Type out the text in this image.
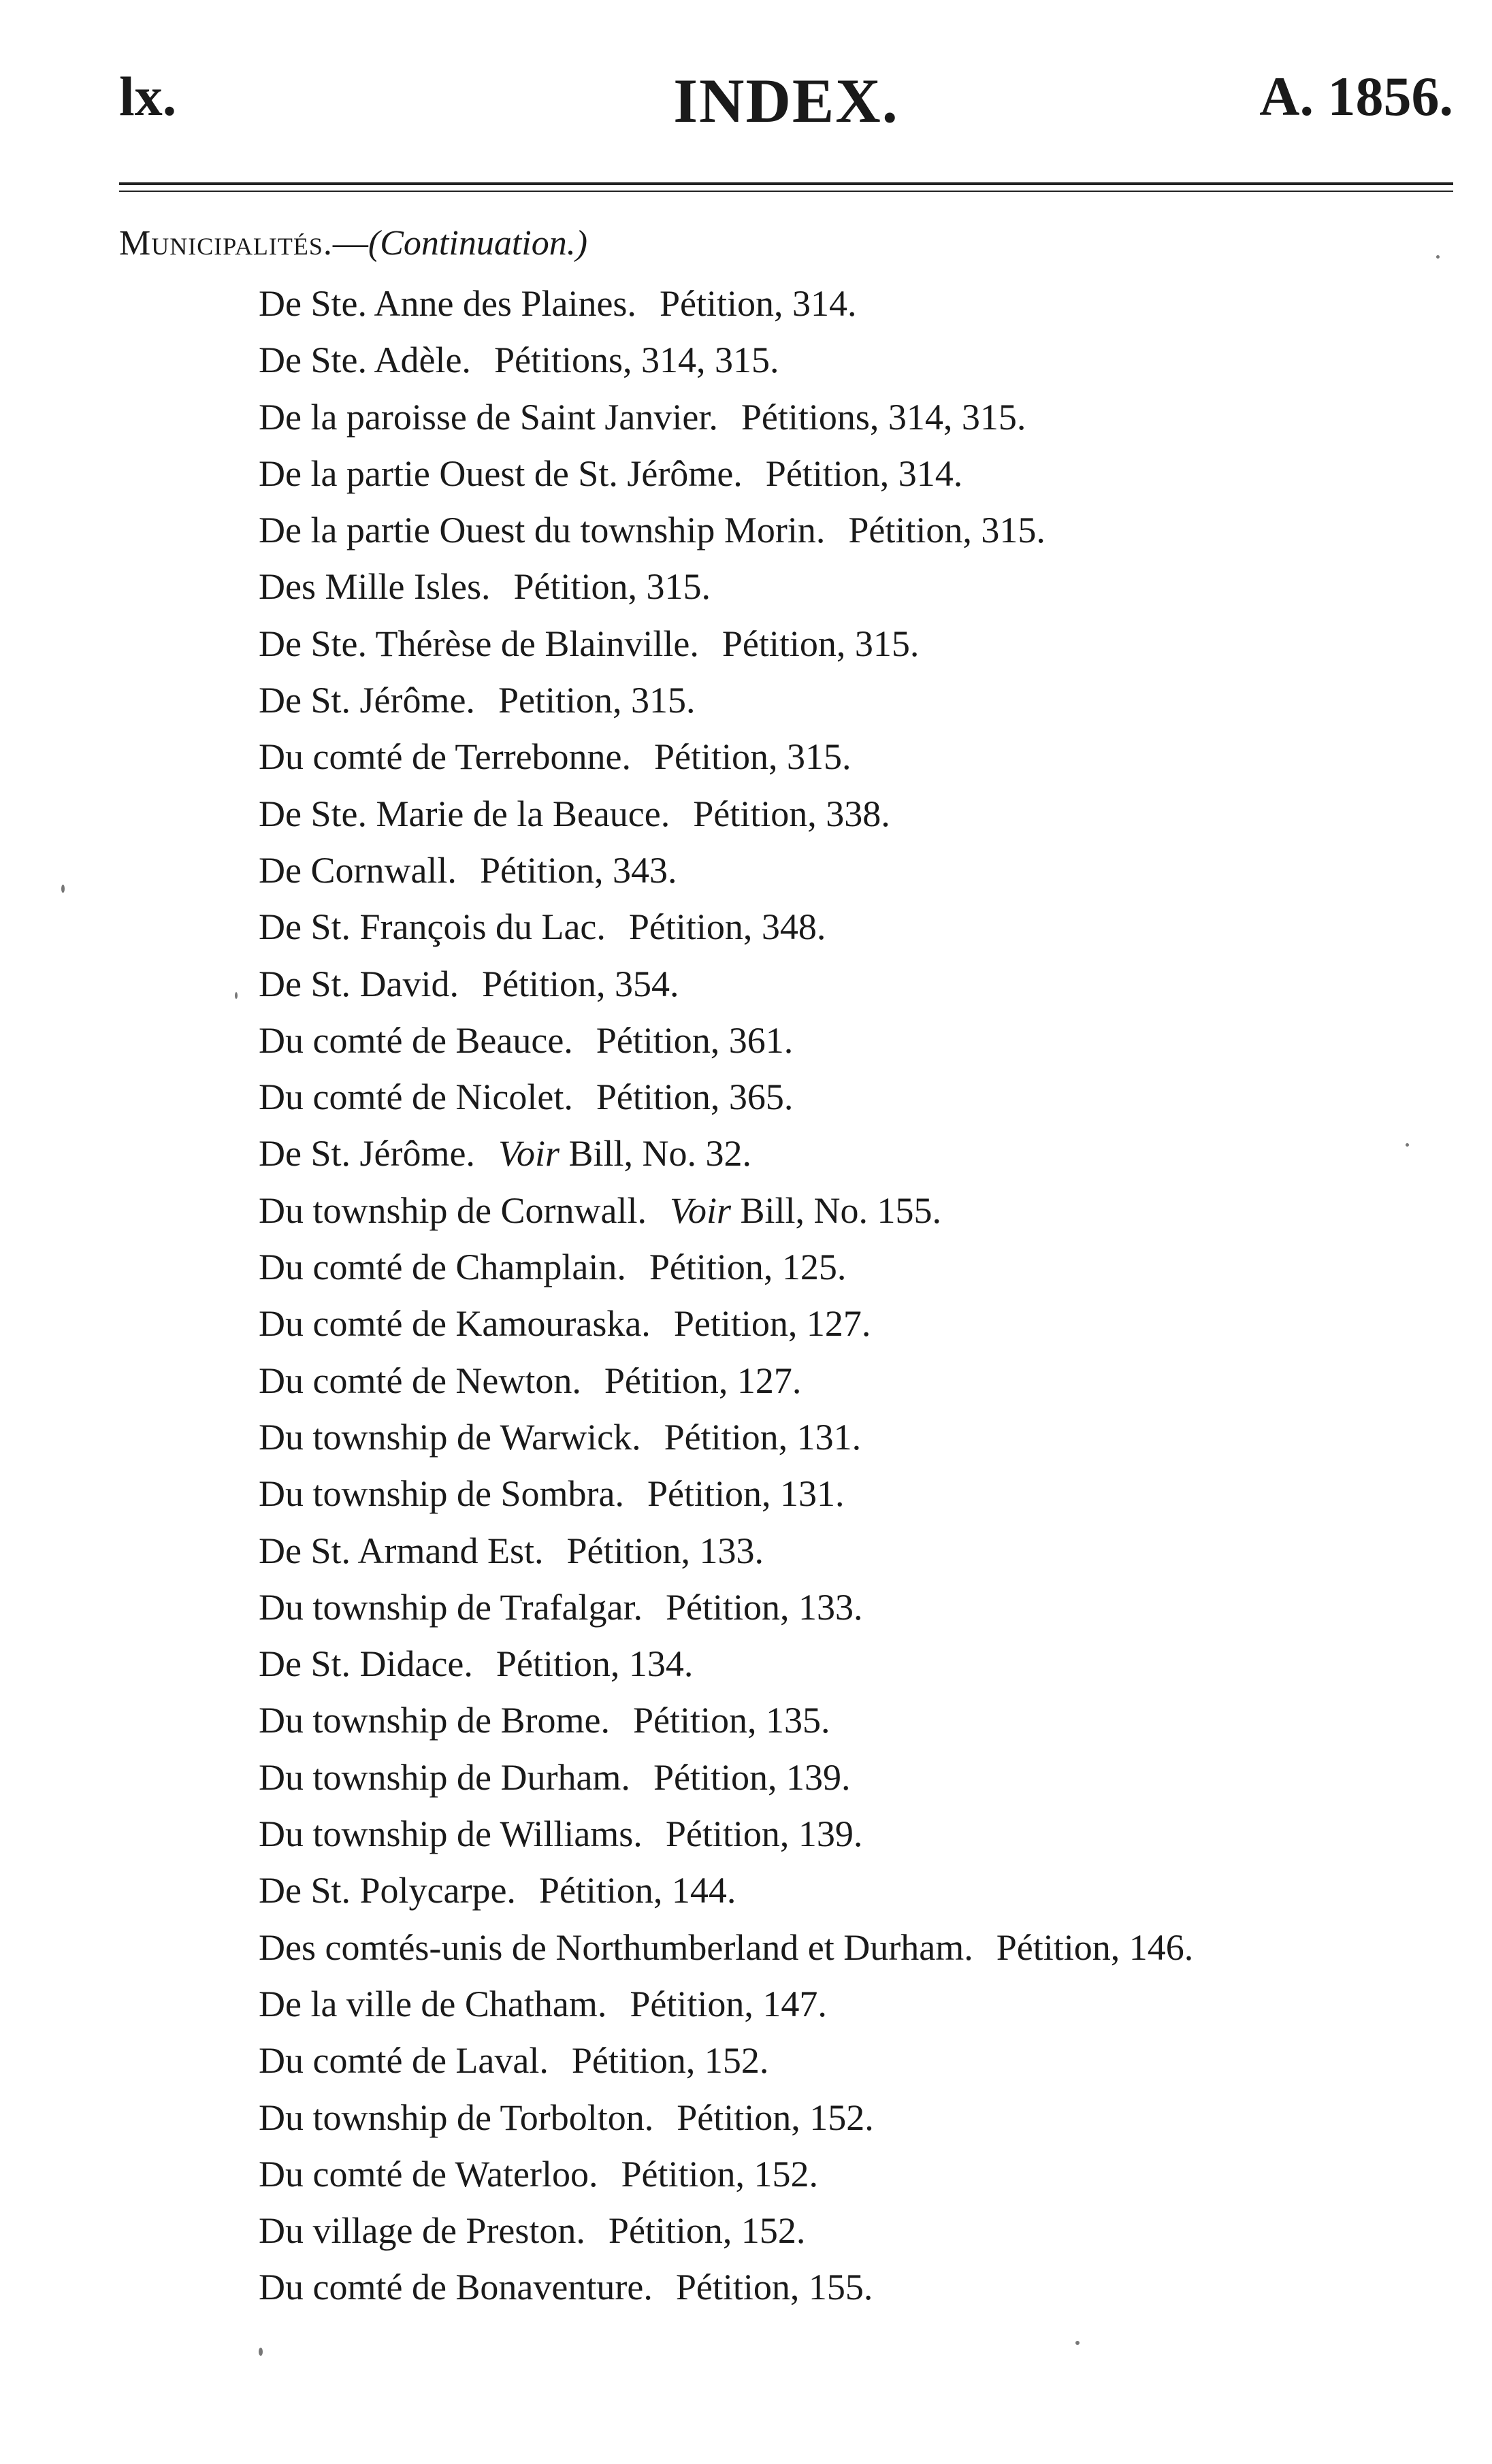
lx.	INDEX.	A. 1856.
Municipalités.—(Continuation.)
De Ste. Anne des Plaines. Pétition, 314.
De Ste. Adèle. Pétitions, 314, 315.
De la paroisse de Saint Janvier. Pétitions, 314, 315.
De la partie Ouest de St. Jérôme. Pétition, 314.
De la partie Ouest du township Morin. Pétition, 315.
Des Mille Isles. Pétition, 315.
De Ste. Thérèse de Blainville. Pétition, 315.
De St. Jérôme. Petition, 315.
Du comté de Terrebonne. Pétition, 315.
De Ste. Marie de la Beauce. Pétition, 338.
De Cornwall. Pétition, 343.
De St. François du Lac. Pétition, 348.
De St. David. Pétition, 354.
Du comté de Beauce. Pétition, 361.
Du comté de Nicolet. Pétition, 365.
De St. Jérôme. Voir Bill, No. 32.
Du township de Cornwall. Voir Bill, No. 155.
Du comté de Champlain. Pétition, 125.
Du comté de Kamouraska. Petition, 127.
Du comté de Newton. Pétition, 127.
Du township de Warwick. Pétition, 131.
Du township de Sombra. Pétition, 131.
De St. Armand Est. Pétition, 133.
Du township de Trafalgar. Pétition, 133.
De St. Didace. Pétition, 134.
Du township de Brome. Pétition, 135.
Du township de Durham. Pétition, 139.
Du township de Williams. Pétition, 139.
De St. Polycarpe. Pétition, 144.
Des comtés-unis de Northumberland et Durham. Pétition, 146.
De la ville de Chatham. Pétition, 147.
Du comté de Laval. Pétition, 152.
Du township de Torbolton. Pétition, 152.
Du comté de Waterloo. Pétition, 152.
Du village de Preston. Pétition, 152.
Du comté de Bonaventure. Pétition, 155.
